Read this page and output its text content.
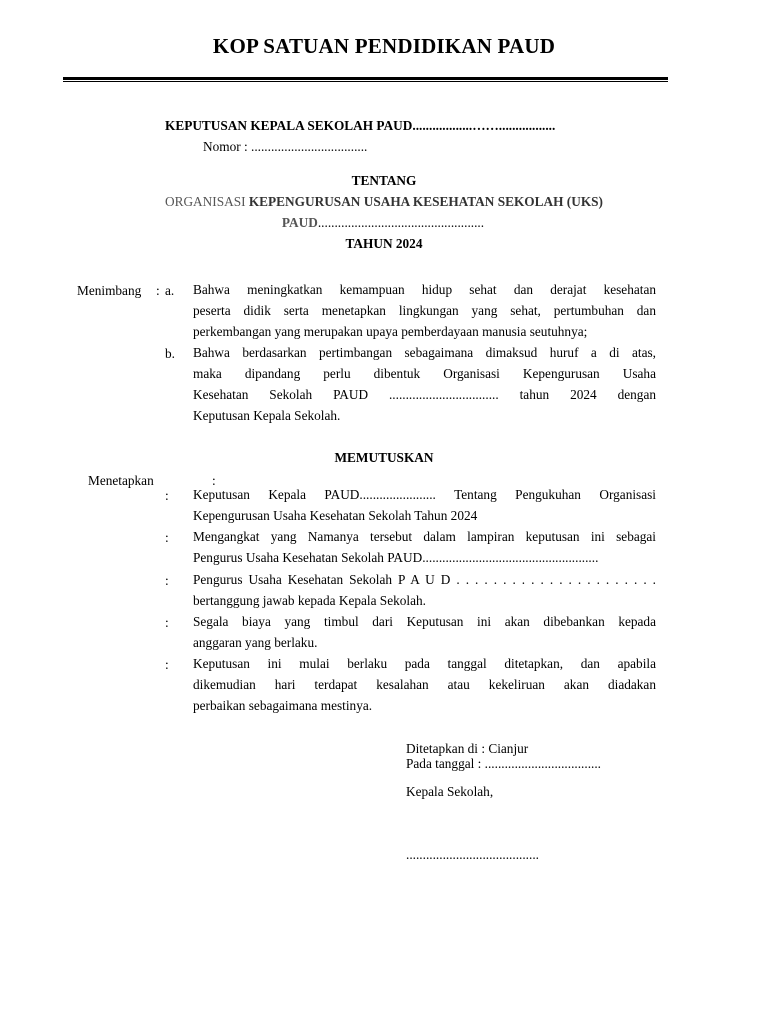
KOP SATUAN PENDIDIKAN PAUD
KEPUTUSAN KEPALA SEKOLAH PAUD..................…….................
Nomor : ...................................
TENTANG
ORGANISASI KEPENGURUSAN USAHA KESEHATAN SEKOLAH (UKS)
PAUD..................................................
TAHUN 2024
Menimbang : a. Bahwa meningkatkan kemampuan hidup sehat dan derajat kesehatan
peserta didik serta menetapkan lingkungan yang sehat, pertumbuhan dan
perkembangan yang merupakan upaya pemberdayaan manusia seutuhnya;
b. Bahwa berdasarkan pertimbangan sebagaimana dimaksud huruf a di atas,
maka dipandang perlu dibentuk Organisasi Kepengurusan Usaha
Kesehatan Sekolah PAUD ................................. tahun 2024 dengan
Keputusan Kepala Sekolah.
MEMUTUSKAN
Menetapkan	:
: Keputusan Kepala PAUD....................... Tentang Pengukuhan Organisasi
Kepengurusan Usaha Kesehatan Sekolah Tahun 2024
: Mengangkat yang Namanya tersebut dalam lampiran keputusan ini sebagai
Pengurus Usaha Kesehatan Sekolah PAUD.....................................................
: Pengurus Usaha Kesehatan Sekolah P A U D . . . . . . . . . . . . . . . . . . . . . .
bertanggung jawab kepada Kepala Sekolah.
: Segala biaya yang timbul dari Keputusan ini akan dibebankan kepada
anggaran yang berlaku.
: Keputusan ini mulai berlaku pada tanggal ditetapkan, dan apabila
dikemudian hari terdapat kesalahan atau kekeliruan akan diadakan
perbaikan sebagaimana mestinya.
Ditetapkan di : Cianjur
Pada tanggal : ...................................
Kepala Sekolah,
........................................
